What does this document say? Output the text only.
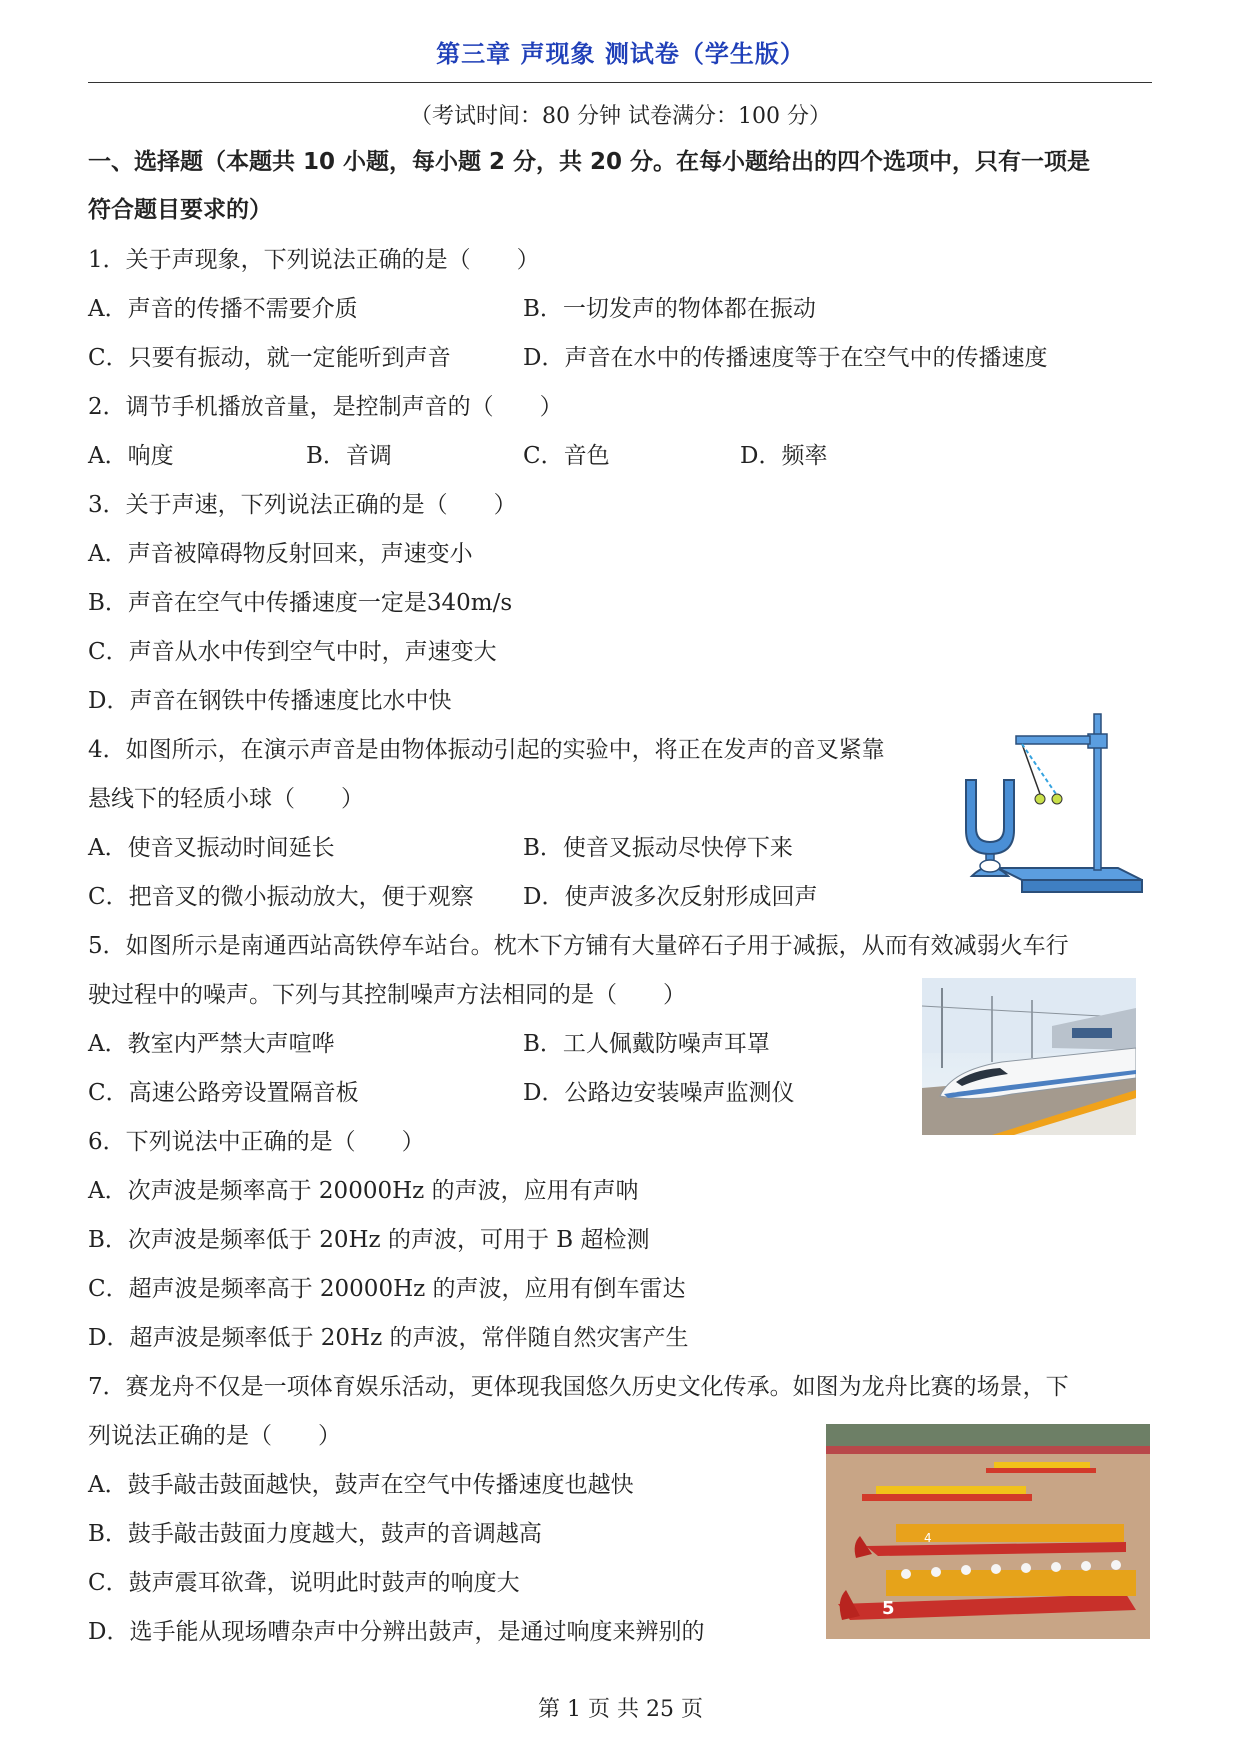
第三章 声现象 测试卷（学生版）
（考试时间：80 分钟 试卷满分：100 分）
一、选择题（本题共 10 小题，每小题 2 分，共 20 分。在每小题给出的四个选项中，只有一项是
符合题目要求的）
1．关于声现象，下列说法正确的是（　　）
A．声音的传播不需要介质	B．一切发声的物体都在振动
C．只要有振动，就一定能听到声音	D．声音在水中的传播速度等于在空气中的传播速度
2．调节手机播放音量，是控制声音的（　　）
A．响度	B．音调	C．音色	D．频率
3．关于声速，下列说法正确的是（　　）
A．声音被障碍物反射回来，声速变小
B．声音在空气中传播速度一定是340m/s
C．声音从水中传到空气中时，声速变大
D．声音在钢铁中传播速度比水中快
4．如图所示，在演示声音是由物体振动引起的实验中，将正在发声的音叉紧靠
悬线下的轻质小球（　　）
A．使音叉振动时间延长	B．使音叉振动尽快停下来
C．把音叉的微小振动放大，便于观察 D．使声波多次反射形成回声
5．如图所示是南通西站高铁停车站台。枕木下方铺有大量碎石子用于减振，从而有效减弱火车行
驶过程中的噪声。下列与其控制噪声方法相同的是（　　）
A．教室内严禁大声喧哗	B．工人佩戴防噪声耳罩
C．高速公路旁设置隔音板	D．公路边安装噪声监测仪
6．下列说法中正确的是（　　）
A．次声波是频率高于 20000Hz 的声波，应用有声呐
B．次声波是频率低于 20Hz 的声波，可用于 B 超检测
C．超声波是频率高于 20000Hz 的声波，应用有倒车雷达
D．超声波是频率低于 20Hz 的声波，常伴随自然灾害产生
7．赛龙舟不仅是一项体育娱乐活动，更体现我国悠久历史文化传承。如图为龙舟比赛的场景，下
列说法正确的是（　　）
A．鼓手敲击鼓面越快，鼓声在空气中传播速度也越快
B．鼓手敲击鼓面力度越大，鼓声的音调越高
C．鼓声震耳欲聋，说明此时鼓声的响度大
D．选手能从现场嘈杂声中分辨出鼓声，是通过响度来辨别的
4
5
第 1 页 共 25 页
